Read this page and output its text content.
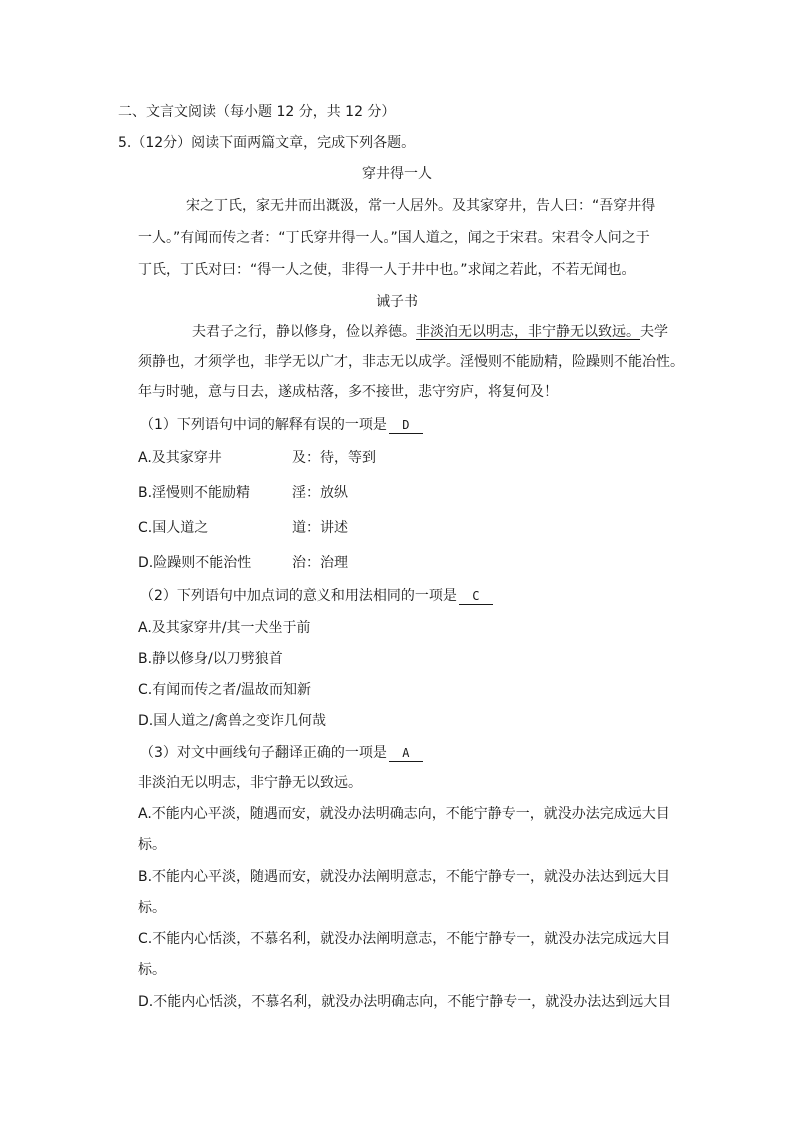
二、文言文阅读（每小题 12 分，共 12 分）
5.（12分）阅读下面两篇文章，完成下列各题。
穿井得一人
宋之丁氏，家无井而出溉汲，常一人居外。及其家穿井，告人曰：“吾穿井得
一人。”有闻而传之者：“丁氏穿井得一人。”国人道之，闻之于宋君。宋君令人问之于
丁氏，丁氏对曰：“得一人之使，非得一人于井中也。”求闻之若此，不若无闻也。
诫子书
夫君子之行，静以修身，俭以养德。非淡泊无以明志，非宁静无以致远。夫学
须静也，才须学也，非学无以广才，非志无以成学。淫慢则不能励精，险躁则不能冶性。
年与时驰，意与日去，遂成枯落，多不接世，悲守穷庐，将复何及！
（1）下列语句中词的解释有误的一项是 D
A.及其家穿井	及：待，等到
B.淫慢则不能励精	淫：放纵
C.国人道之	道：讲述
D.险躁则不能治性	治：治理
（2）下列语句中加点词的意义和用法相同的一项是 C
A.及其家穿井/其一犬坐于前
B.静以修身/以刀劈狼首
C.有闻而传之者/温故而知新
D.国人道之/禽兽之变诈几何哉
（3）对文中画线句子翻译正确的一项是 A
非淡泊无以明志，非宁静无以致远。
A.不能内心平淡，随遇而安，就没办法明确志向，不能宁静专一，就没办法完成远大目
标。
B.不能内心平淡，随遇而安，就没办法阐明意志，不能宁静专一，就没办法达到远大目
标。
C.不能内心恬淡，不慕名利，就没办法阐明意志，不能宁静专一，就没办法完成远大目
标。
D.不能内心恬淡，不慕名利，就没办法明确志向，不能宁静专一，就没办法达到远大目
